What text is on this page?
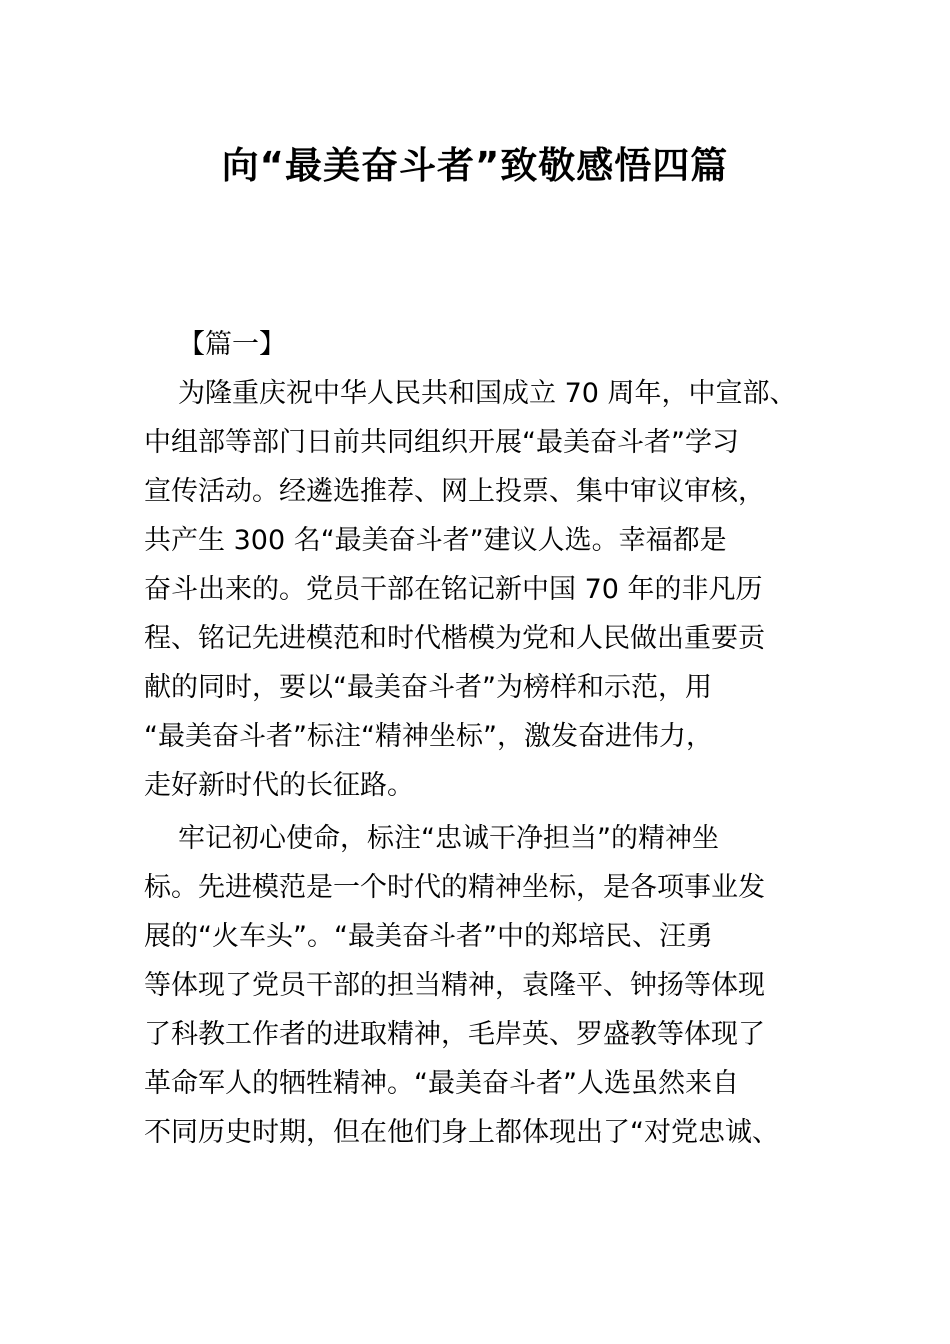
向“最美奋斗者”致敬感悟四篇

【篇一】

为隆重庆祝中华人民共和国成立 70 周年，中宣部、

中组部等部门日前共同组织开展“最美奋斗者”学习

宣传活动。经遴选推荐、网上投票、集中审议审核，

共产生 300 名“最美奋斗者”建议人选。幸福都是

奋斗出来的。党员干部在铭记新中国 70 年的非凡历

程、铭记先进模范和时代楷模为党和人民做出重要贡

献的同时，要以“最美奋斗者”为榜样和示范，用

“最美奋斗者”标注“精神坐标”，激发奋进伟力，

走好新时代的长征路。

牢记初心使命，标注“忠诚干净担当”的精神坐

标。先进模范是一个时代的精神坐标，是各项事业发

展的“火车头”。“最美奋斗者”中的郑培民、汪勇

等体现了党员干部的担当精神，袁隆平、钟扬等体现

了科教工作者的进取精神，毛岸英、罗盛教等体现了

革命军人的牺牲精神。“最美奋斗者”人选虽然来自

不同历史时期，但在他们身上都体现出了“对党忠诚、
